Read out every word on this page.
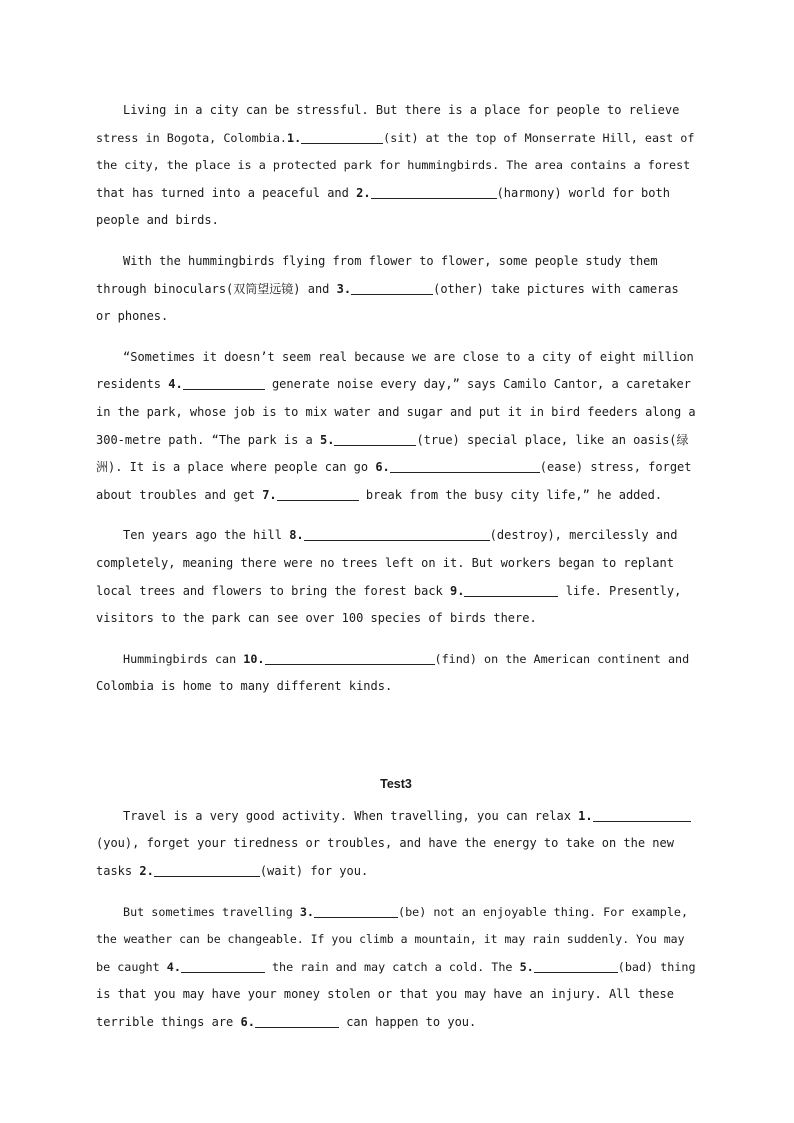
Living in a city can be stressful. But there is a place for people to relieve
stress in Bogota, Colombia.1.	(sit) at the top of Monserrate Hill, east of
the city, the place is a protected park for hummingbirds. The area contains a forest
that has turned into a peaceful and 2.	(harmony) world for both
people and birds.
With the hummingbirds flying from flower to flower, some people study them
through binoculars(双筒望远镜) and 3.	(other) take pictures with cameras
or phones.
“Sometimes it doesn’t seem real because we are close to a city of eight million
residents 4.	generate noise every day,” says Camilo Cantor, a caretaker
in the park, whose job is to mix water and sugar and put it in bird feeders along a
300-metre path. “The park is a 5.	(true) special place, like an oasis(绿
洲). It is a place where people can go 6.	(ease) stress, forget
about troubles and get 7.	break from the busy city life,” he added.
Ten years ago the hill 8.	(destroy), mercilessly and
completely, meaning there were no trees left on it. But workers began to replant
local trees and flowers to bring the forest back 9.	life. Presently,
visitors to the park can see over 100 species of birds there.
Hummingbirds can 10.	(find) on the American continent and
Colombia is home to many different kinds.
Test3
Travel is a very good activity. When travelling, you can relax 1.
(you), forget your tiredness or troubles, and have the energy to take on the new
tasks 2.	(wait) for you.
But sometimes travelling 3.	(be) not an enjoyable thing. For example,
the weather can be changeable. If you climb a mountain, it may rain suddenly. You may
be caught 4.	the rain and may catch a cold. The 5.	(bad) thing
is that you may have your money stolen or that you may have an injury. All these
terrible things are 6.	can happen to you.
